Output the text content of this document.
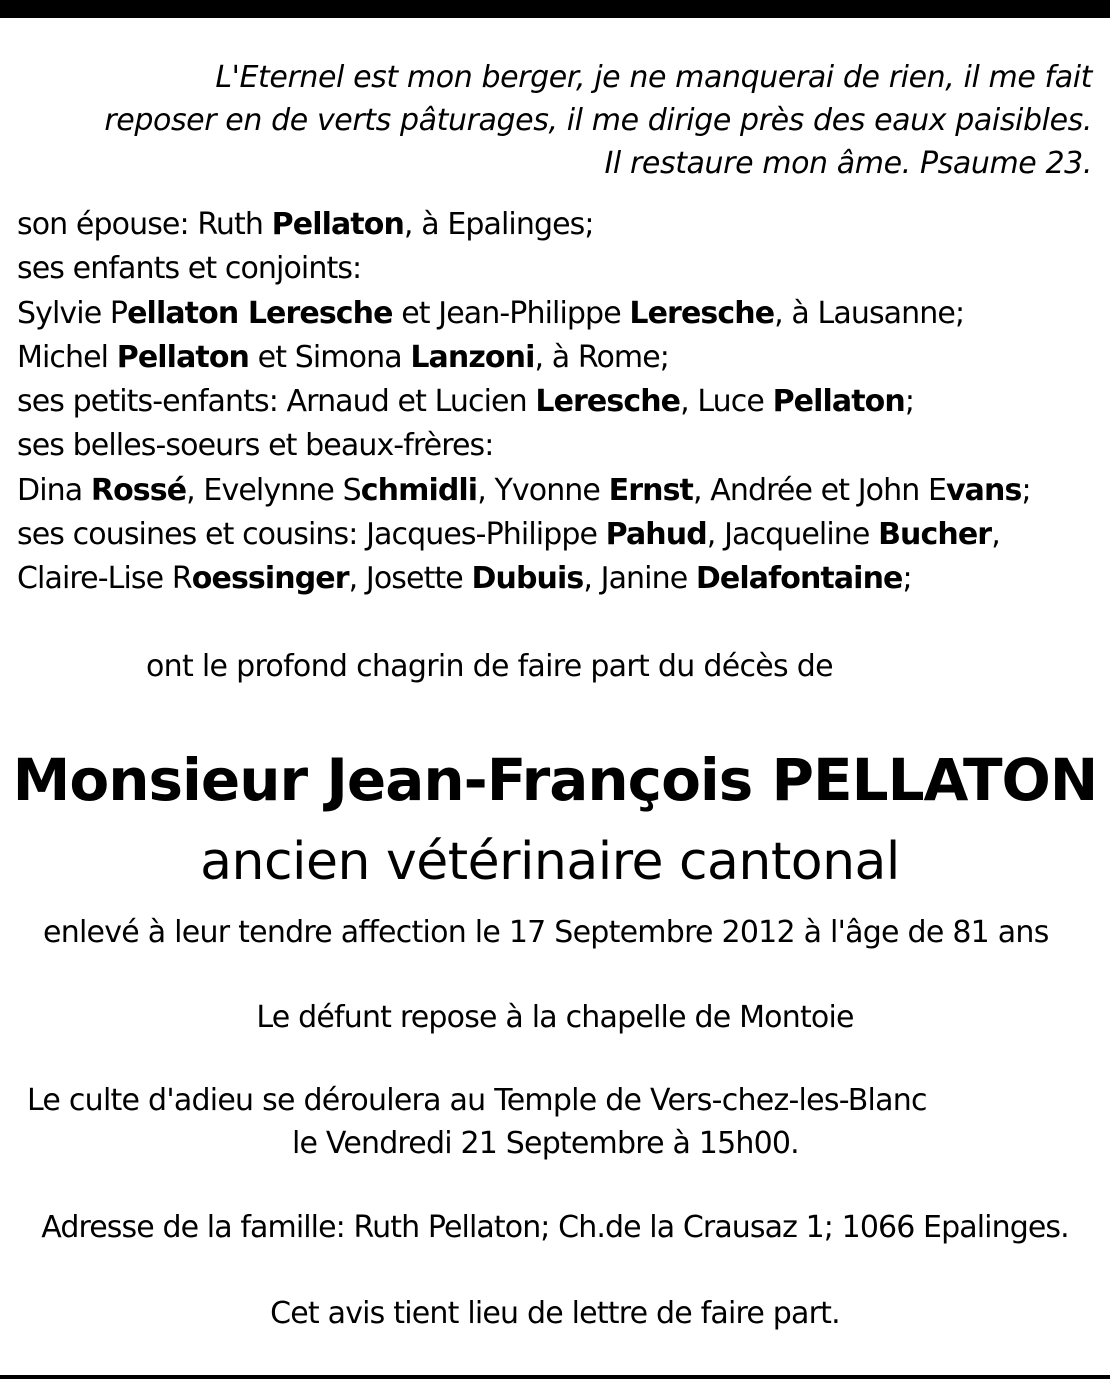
L'Eternel est mon berger, je ne manquerai de rien, il me fait
reposer en de verts pâturages, il me dirige près des eaux paisibles.
Il restaure mon âme. Psaume 23.
son épouse: Ruth Pellaton, à Epalinges;
ses enfants et conjoints:
Sylvie Pellaton Leresche et Jean-Philippe Leresche, à Lausanne;
Michel Pellaton et Simona Lanzoni, à Rome;
ses petits-enfants: Arnaud et Lucien Leresche, Luce Pellaton;
ses belles-soeurs et beaux-frères:
Dina Rossé, Evelynne Schmidli, Yvonne Ernst, Andrée et John Evans;
ses cousines et cousins: Jacques-Philippe Pahud, Jacqueline Bucher,
Claire-Lise Roessinger, Josette Dubuis, Janine Delafontaine;
ont le profond chagrin de faire part du décès de
Monsieur Jean-François PELLATON
ancien vétérinaire cantonal
enlevé à leur tendre affection le 17 Septembre 2012 à l'âge de 81 ans
Le défunt repose à la chapelle de Montoie
Le culte d'adieu se déroulera au Temple de Vers-chez-les-Blanc
le Vendredi 21 Septembre à 15h00.
Adresse de la famille: Ruth Pellaton; Ch.de la Crausaz 1; 1066 Epalinges.
Cet avis tient lieu de lettre de faire part.
